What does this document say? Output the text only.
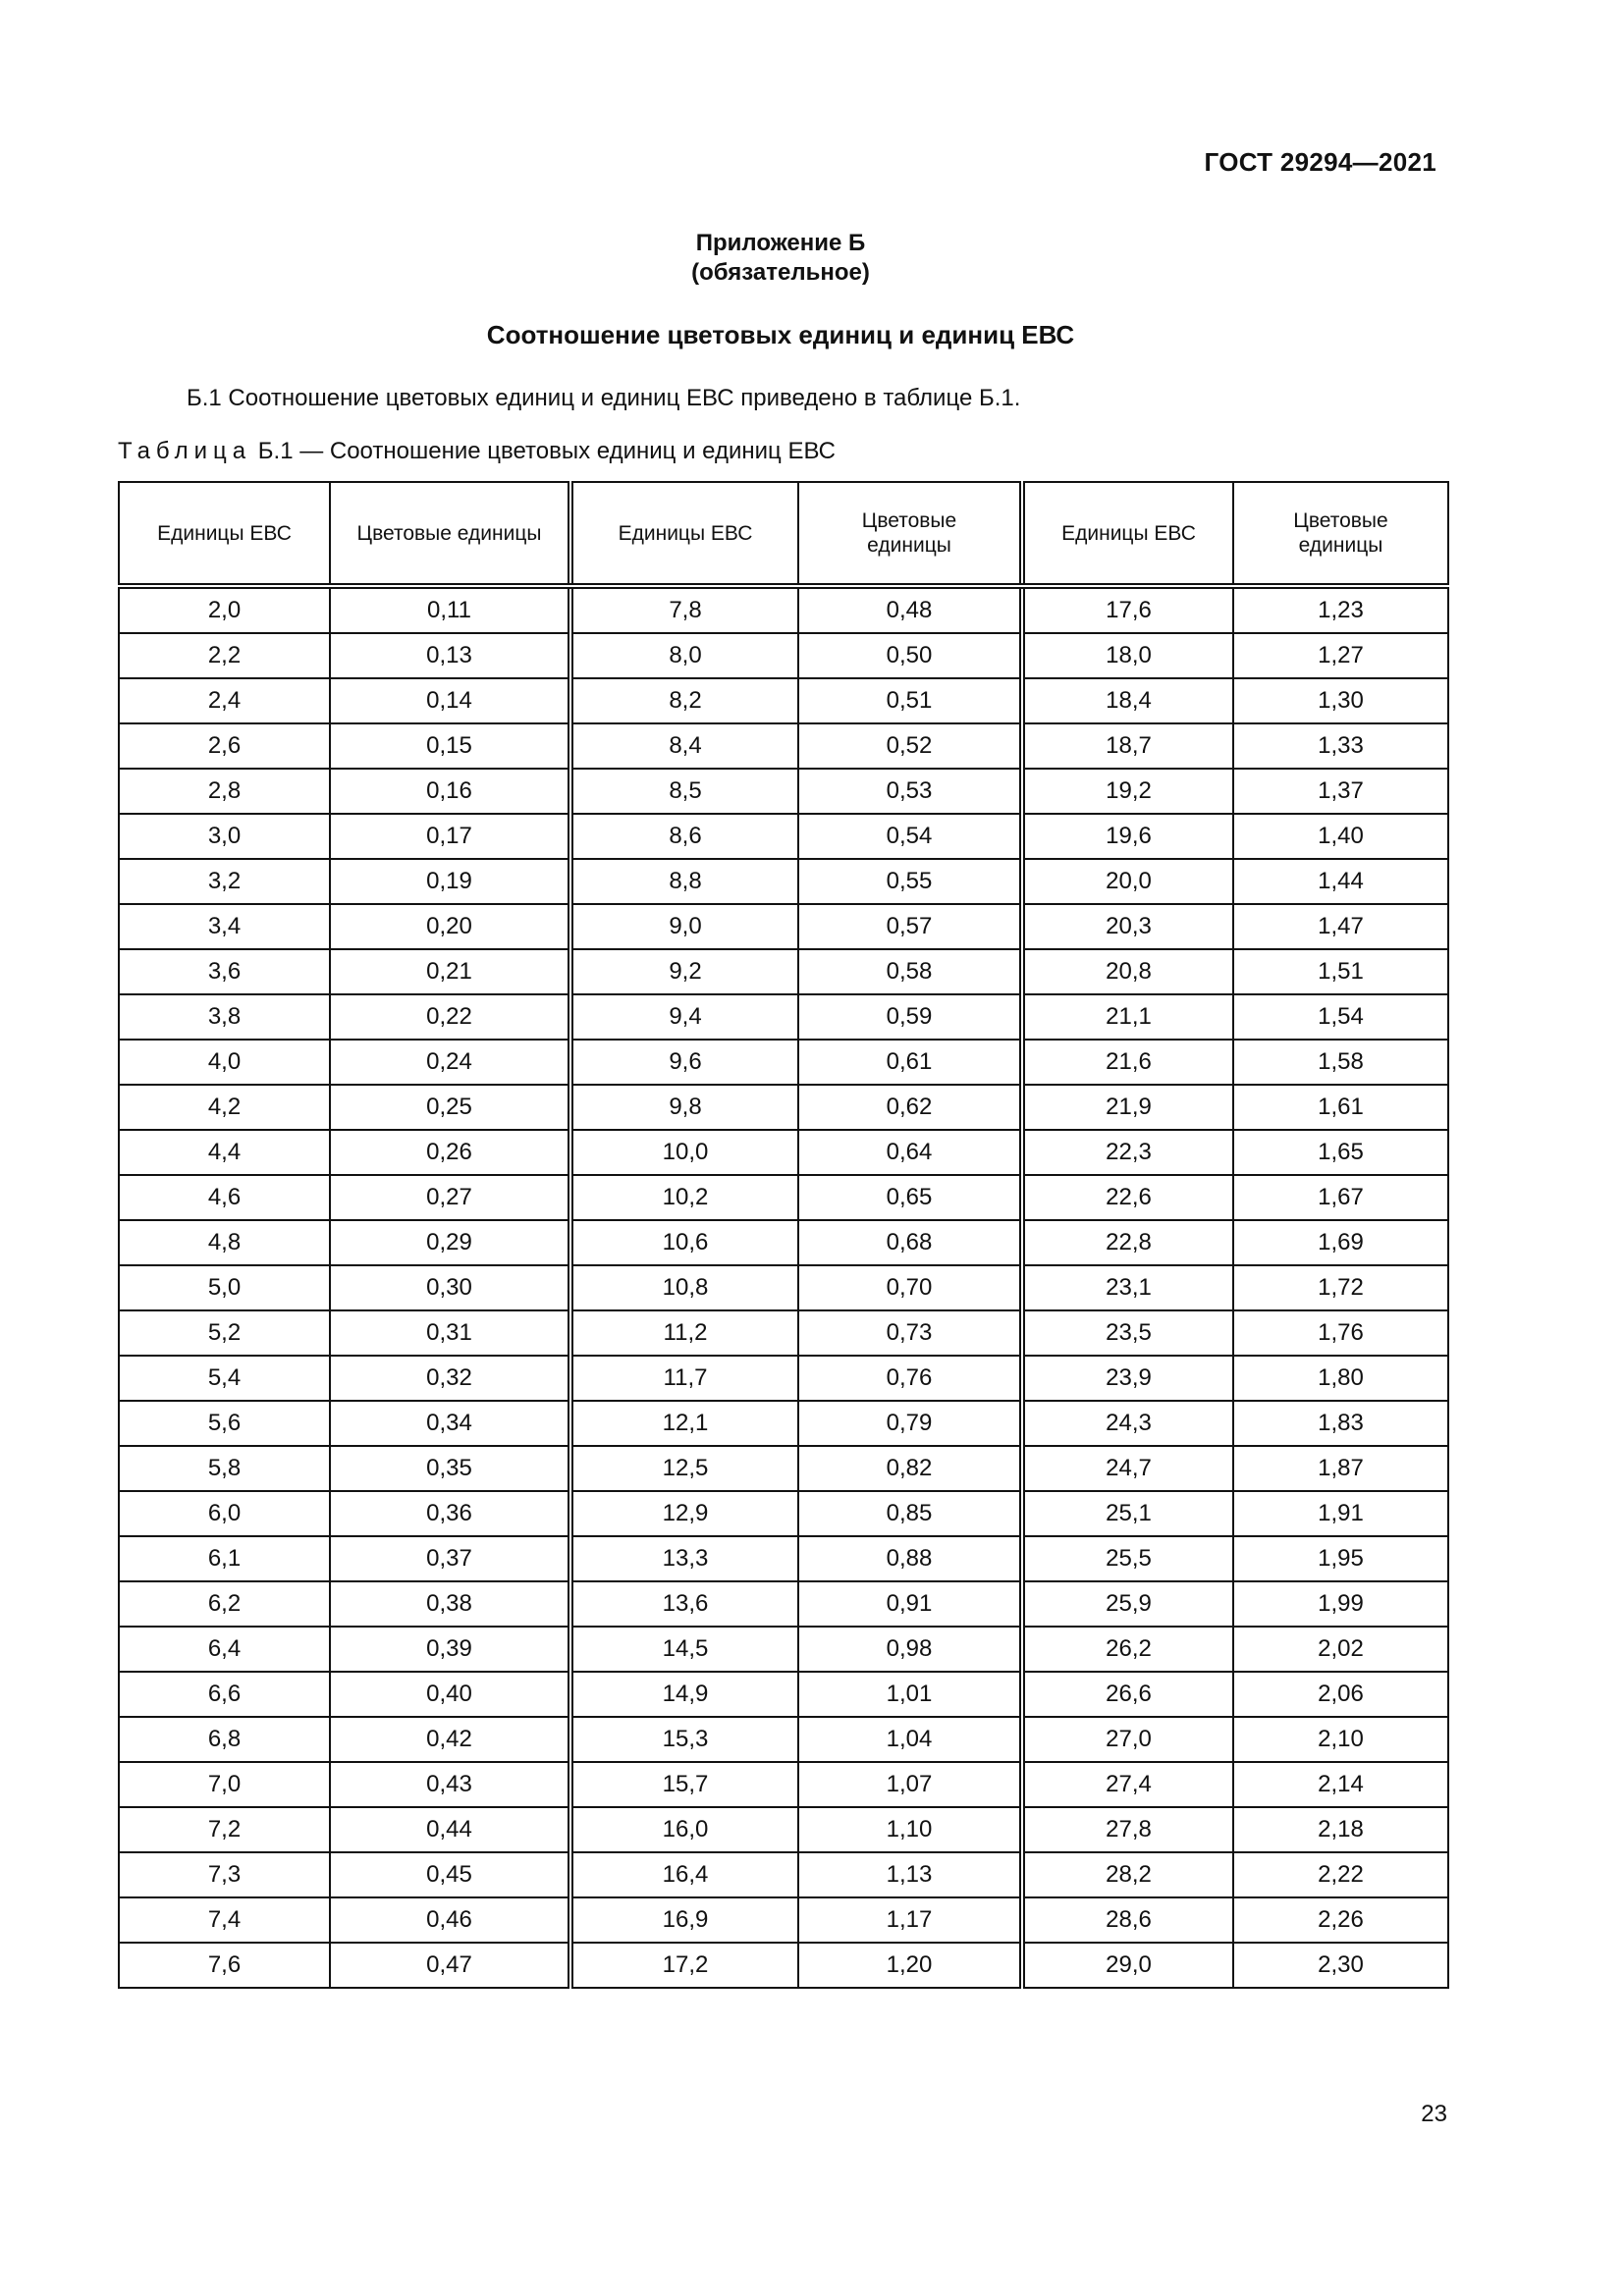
ГОСТ 29294—2021
Приложение Б
(обязательное)
Соотношение цветовых единиц и единиц ЕВС
Б.1 Соотношение цветовых единиц и единиц ЕВС приведено в таблице Б.1.
Таблица Б.1 — Соотношение цветовых единиц и единиц ЕВС
Единицы ЕВС	Цветовые единицы	Единицы ЕВС	Цветовые единицы	Единицы ЕВС	Цветовые единицы
2,0	0,11	7,8	0,48	17,6	1,23
2,2	0,13	8,0	0,50	18,0	1,27
2,4	0,14	8,2	0,51	18,4	1,30
2,6	0,15	8,4	0,52	18,7	1,33
2,8	0,16	8,5	0,53	19,2	1,37
3,0	0,17	8,6	0,54	19,6	1,40
3,2	0,19	8,8	0,55	20,0	1,44
3,4	0,20	9,0	0,57	20,3	1,47
3,6	0,21	9,2	0,58	20,8	1,51
3,8	0,22	9,4	0,59	21,1	1,54
4,0	0,24	9,6	0,61	21,6	1,58
4,2	0,25	9,8	0,62	21,9	1,61
4,4	0,26	10,0	0,64	22,3	1,65
4,6	0,27	10,2	0,65	22,6	1,67
4,8	0,29	10,6	0,68	22,8	1,69
5,0	0,30	10,8	0,70	23,1	1,72
5,2	0,31	11,2	0,73	23,5	1,76
5,4	0,32	11,7	0,76	23,9	1,80
5,6	0,34	12,1	0,79	24,3	1,83
5,8	0,35	12,5	0,82	24,7	1,87
6,0	0,36	12,9	0,85	25,1	1,91
6,1	0,37	13,3	0,88	25,5	1,95
6,2	0,38	13,6	0,91	25,9	1,99
6,4	0,39	14,5	0,98	26,2	2,02
6,6	0,40	14,9	1,01	26,6	2,06
6,8	0,42	15,3	1,04	27,0	2,10
7,0	0,43	15,7	1,07	27,4	2,14
7,2	0,44	16,0	1,10	27,8	2,18
7,3	0,45	16,4	1,13	28,2	2,22
7,4	0,46	16,9	1,17	28,6	2,26
7,6	0,47	17,2	1,20	29,0	2,30
23
